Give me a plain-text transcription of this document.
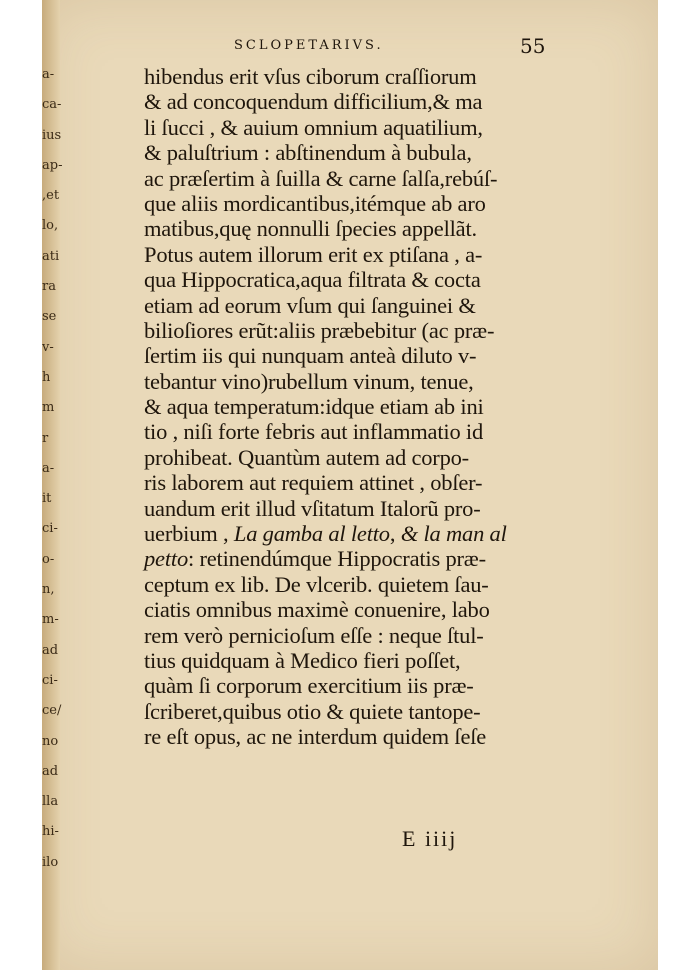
a-
ca-
ius
ap-
,et
lo,
ati
ra
se
v-
h
m
r
a-
it
ci-
o-
n,
m-
ad
ci-
ce/
no
ad
lla
hi-
ilo
SCLOPETARIVS.	55
hibendus erit vſus ciborum craſſiorum
& ad concoquendum difficilium,& ma
li ſucci , & auium omnium aquatilium,
& paluſtrium : abſtinendum à bubula,
ac præſertim à ſuilla & carne ſalſa,rebúſ-
que aliis mordicantibus,itémque ab aro
matibus,quę nonnulli ſpecies appellãt.
Potus autem illorum erit ex ptiſana , a-
qua Hippocratica,aqua filtrata & cocta
etiam ad eorum vſum qui ſanguinei &
bilioſiores erũt:aliis præbebitur (ac præ-
ſertim iis qui nunquam anteà diluto v-
tebantur vino)rubellum vinum, tenue,
& aqua temperatum:idque etiam ab ini
tio , niſi forte febris aut inflammatio id
prohibeat. Quantùm autem ad corpo-
ris laborem aut requiem attinet , obſer-
uandum erit illud vſitatum Italorũ pro-
uerbium , La gamba al letto, & la man al
petto: retinendúmque Hippocratis præ-
ceptum ex lib. De vlcerib. quietem ſau-
ciatis omnibus maximè conuenire, labo
rem verò pernicioſum eſſe : neque ſtul-
tius quidquam à Medico fieri poſſet,
quàm ſi corporum exercitium iis præ-
ſcriberet,quibus otio & quiete tantope-
re eſt opus, ac ne interdum quidem ſeſe
E iiij
